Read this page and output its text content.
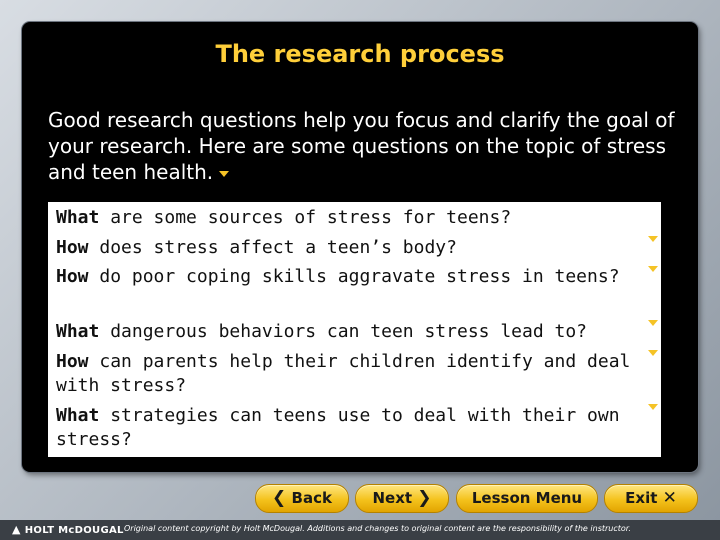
The research process
Good research questions help you focus and clarify the goal of your research. Here are some questions on the topic of stress and teen health.
What are some sources of stress for teens?
How does stress affect a teen’s body?
How do poor coping skills aggravate stress in teens?
What dangerous behaviors can teen stress lead to?
How can parents help their children identify and deal with stress?
What strategies can teens use to deal with their own stress?
❮ Back	Next ❯	Lesson Menu	Exit ✕
▲ HOLT McDOUGAL Original content copyright by Holt McDougal. Additions and changes to original content are the responsibility of the instructor.
